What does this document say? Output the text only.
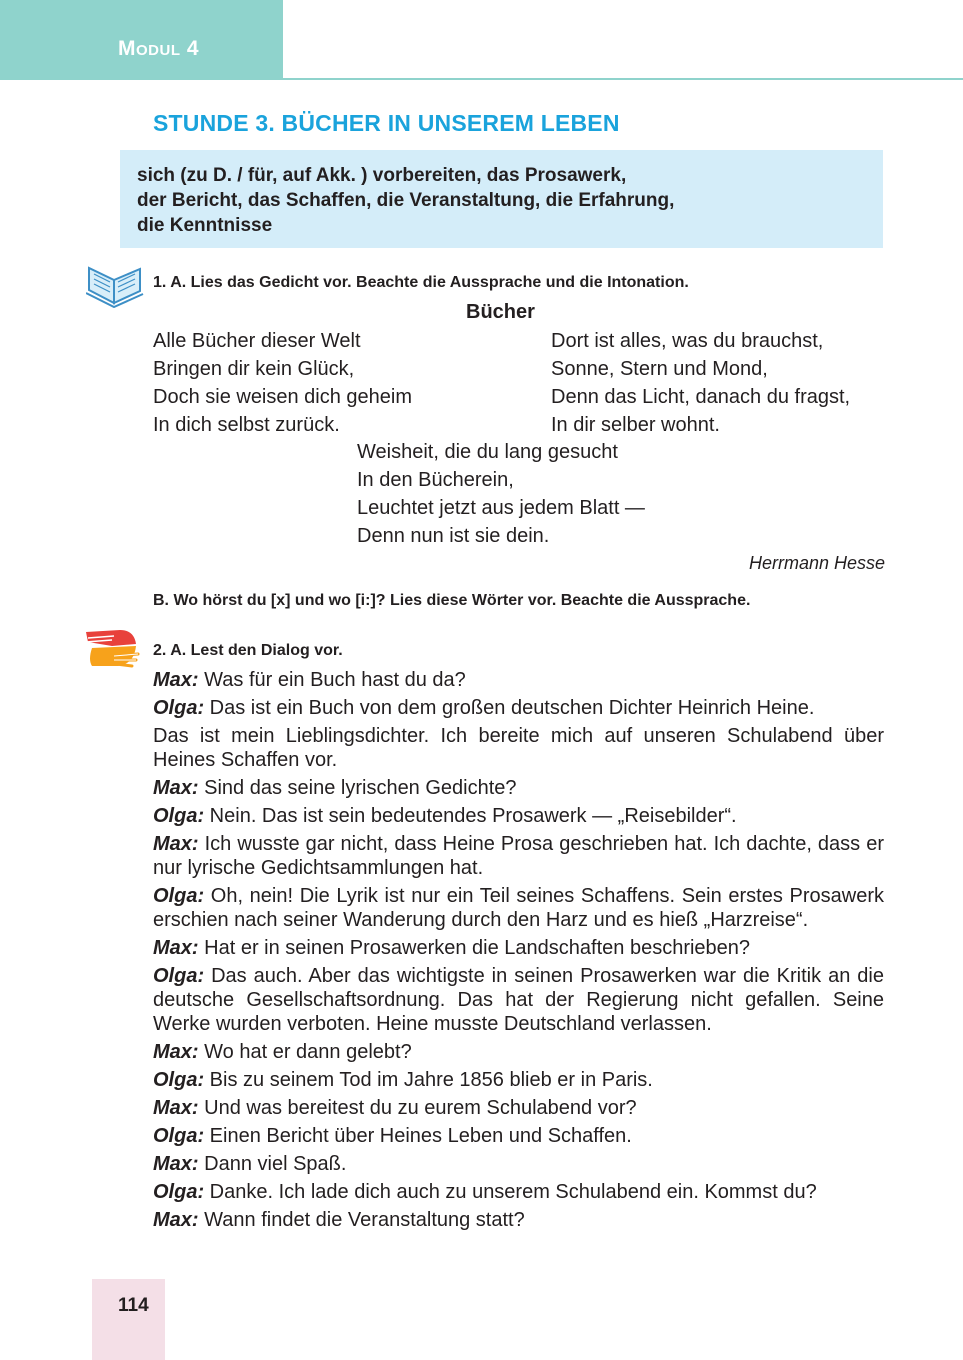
Modul 4
STUNDE 3. BÜCHER IN UNSEREM LEBEN

sich (zu D. / für, auf Akk. ) vorbereiten, das Prosawerk,
der Bericht, das Schaffen, die Veranstaltung, die Erfahrung,
die Kenntnisse

1. A. Lies das Gedicht vor. Beachte die Aussprache und die Intonation.

Bücher

Alle Bücher dieser Welt
Bringen dir kein Glück,
Doch sie weisen dich geheim
In dich selbst zurück.
Dort ist alles, was du brauchst,
Sonne, Stern und Mond,
Denn das Licht, danach du fragst,
In dir selber wohnt.
Weisheit, die du lang gesucht
In den Bücherein,
Leuchtet jetzt aus jedem Blatt —
Denn nun ist sie dein.

Herrmann Hesse

B. Wo hörst du [x] und wo [i:]? Lies diese Wörter vor. Beachte die Aussprache.

2. A. Lest den Dialog vor.

Max: Was für ein Buch hast du da?

Olga: Das ist ein Buch von dem großen deutschen Dichter Heinrich Heine.

Das ist mein Lieblingsdichter. Ich bereite mich auf unseren Schulabend über Heines Schaffen vor.

Max: Sind das seine lyrischen Gedichte?

Olga: Nein. Das ist sein bedeutendes Prosawerk — „Reisebilder“.

Max: Ich wusste gar nicht, dass Heine Prosa geschrieben hat. Ich dachte, dass er nur lyrische Gedichtsammlungen hat.

Olga: Oh, nein! Die Lyrik ist nur ein Teil seines Schaffens. Sein erstes Prosawerk erschien nach seiner Wanderung durch den Harz und es hieß „Harzreise“.

Max: Hat er in seinen Prosawerken die Landschaften beschrieben?

Olga: Das auch. Aber das wichtigste in seinen Prosawerken war die Kritik an die deutsche Gesellschaftsordnung. Das hat der Regierung nicht gefallen. Seine Werke wurden verboten. Heine musste Deutschland verlassen.

Max: Wo hat er dann gelebt?

Olga: Bis zu seinem Tod im Jahre 1856 blieb er in Paris.

Max: Und was bereitest du zu eurem Schulabend vor?

Olga: Einen Bericht über Heines Leben und Schaffen.

Max: Dann viel Spaß.

Olga: Danke. Ich lade dich auch zu unserem Schulabend ein. Kommst du?

Max: Wann findet die Veranstaltung statt?

114
